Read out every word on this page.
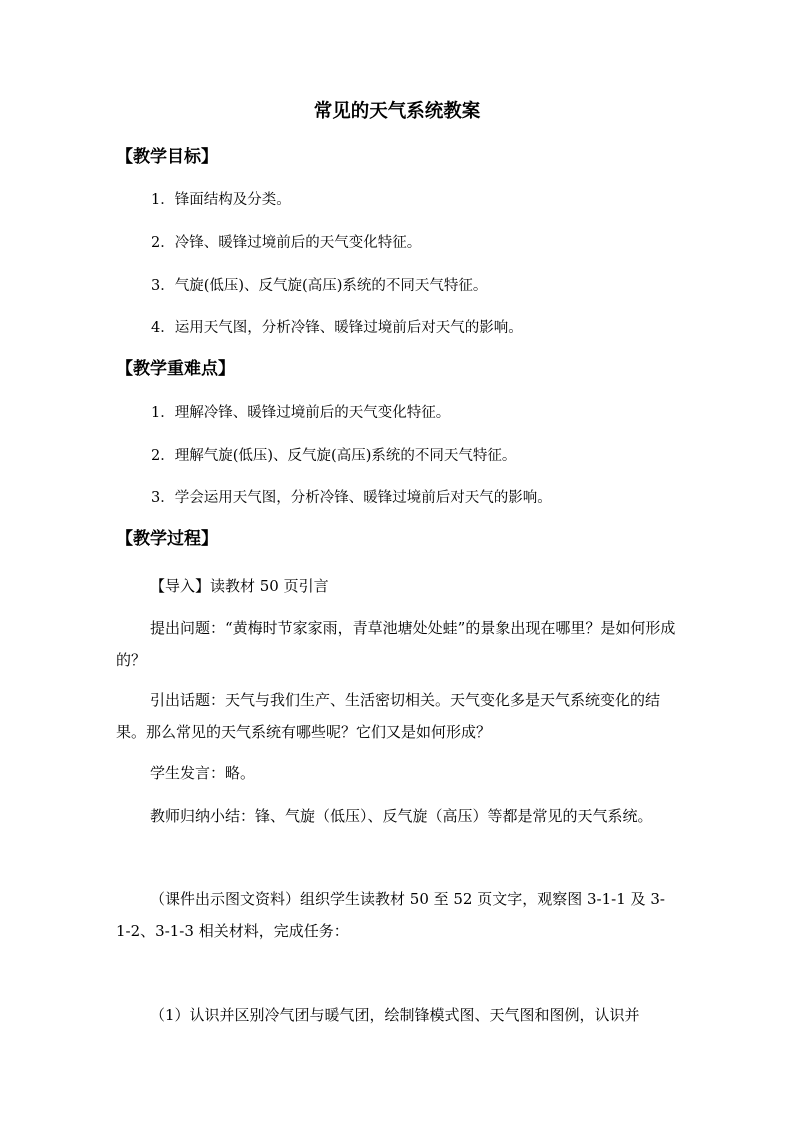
常见的天气系统教案
【教学目标】
1．锋面结构及分类。
2．冷锋、暖锋过境前后的天气变化特征。
3．气旋(低压)、反气旋(高压)系统的不同天气特征。
4．运用天气图，分析冷锋、暖锋过境前后对天气的影响。
【教学重难点】
1．理解冷锋、暖锋过境前后的天气变化特征。
2．理解气旋(低压)、反气旋(高压)系统的不同天气特征。
3．学会运用天气图，分析冷锋、暖锋过境前后对天气的影响。
【教学过程】
【导入】读教材 50 页引言
提出问题：“黄梅时节家家雨，青草池塘处处蛙”的景象出现在哪里？是如何形成的？
引出话题：天气与我们生产、生活密切相关。天气变化多是天气系统变化的结果。那么常见的天气系统有哪些呢？它们又是如何形成？
学生发言：略。
教师归纳小结：锋、气旋（低压）、反气旋（高压）等都是常见的天气系统。
（课件出示图文资料）组织学生读教材 50 至 52 页文字，观察图 3-1-1 及 3-1-2、3-1-3 相关材料，完成任务：
（1）认识并区别冷气团与暖气团，绘制锋模式图、天气图和图例，认识并
